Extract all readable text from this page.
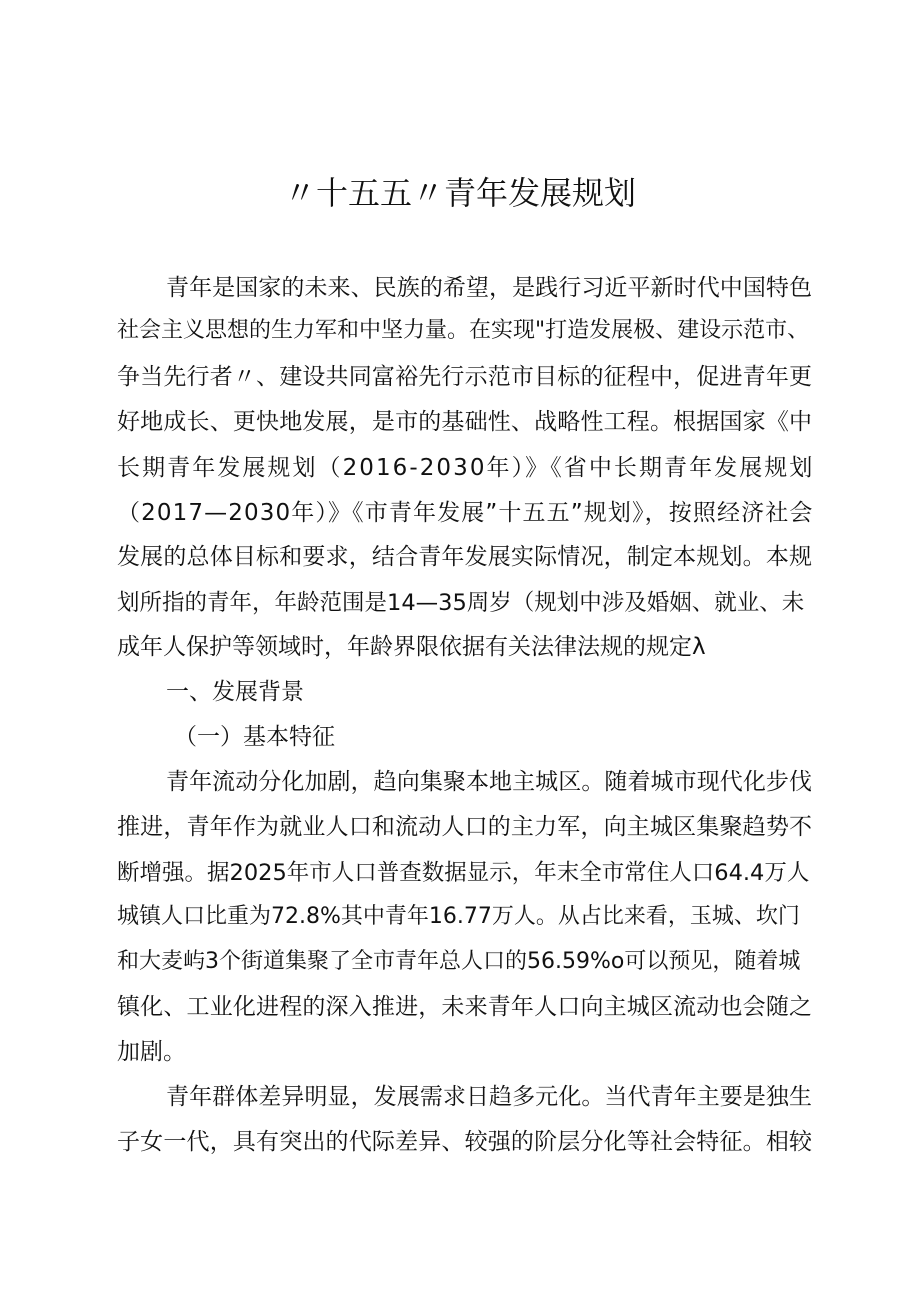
〃十五五〃青年发展规划
青年是国家的未来、民族的希望，是践行习近平新时代中国特色
社会主义思想的生力军和中坚力量。在实现"打造发展极、建设示范市、
争当先行者〃、建设共同富裕先行示范市目标的征程中，促进青年更
好地成长、更快地发展，是市的基础性、战略性工程。根据国家《中
长期青年发展规划（2016-2030年）》《省中长期青年发展规划
（2017—2030年）》《市青年发展”十五五”规划》，按照经济社会
发展的总体目标和要求，结合青年发展实际情况，制定本规划。本规
划所指的青年，年龄范围是14—35周岁（规划中涉及婚姻、就业、未
成年人保护等领域时，年龄界限依据有关法律法规的规定λ
一、发展背景
（一）基本特征
青年流动分化加剧，趋向集聚本地主城区。随着城市现代化步伐
推进，青年作为就业人口和流动人口的主力军，向主城区集聚趋势不
断增强。据2025年市人口普查数据显示，年末全市常住人口64.4万人
城镇人口比重为72.8%其中青年16.77万人。从占比来看，玉城、坎门
和大麦屿3个街道集聚了全市青年总人口的56.59%o可以预见，随着城
镇化、工业化进程的深入推进，未来青年人口向主城区流动也会随之
加剧。
青年群体差异明显，发展需求日趋多元化。当代青年主要是独生
子女一代，具有突出的代际差异、较强的阶层分化等社会特征。相较
